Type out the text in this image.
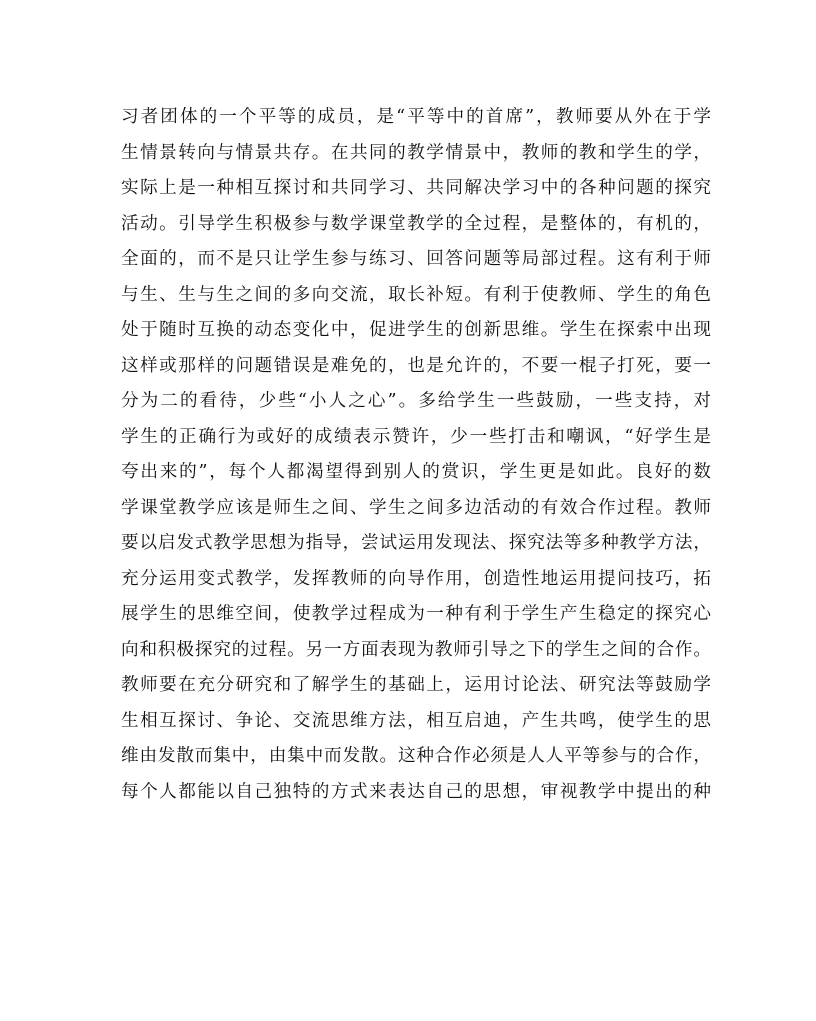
习者团体的一个平等的成员，是“平等中的首席”，教师要从外在于学
生情景转向与情景共存。在共同的教学情景中，教师的教和学生的学，
实际上是一种相互探讨和共同学习、共同解决学习中的各种问题的探究
活动。引导学生积极参与数学课堂教学的全过程，是整体的，有机的，
全面的，而不是只让学生参与练习、回答问题等局部过程。这有利于师
与生、生与生之间的多向交流，取长补短。有利于使教师、学生的角色
处于随时互换的动态变化中，促进学生的创新思维。学生在探索中出现
这样或那样的问题错误是难免的，也是允许的，不要一棍子打死，要一
分为二的看待，少些“小人之心”。多给学生一些鼓励，一些支持，对
学生的正确行为或好的成绩表示赞许，少一些打击和嘲讽，“好学生是
夸出来的”，每个人都渴望得到别人的赏识，学生更是如此。良好的数
学课堂教学应该是师生之间、学生之间多边活动的有效合作过程。教师
要以启发式教学思想为指导，尝试运用发现法、探究法等多种教学方法，
充分运用变式教学，发挥教师的向导作用，创造性地运用提问技巧，拓
展学生的思维空间，使教学过程成为一种有利于学生产生稳定的探究心
向和积极探究的过程。另一方面表现为教师引导之下的学生之间的合作。
教师要在充分研究和了解学生的基础上，运用讨论法、研究法等鼓励学
生相互探讨、争论、交流思维方法，相互启迪，产生共鸣，使学生的思
维由发散而集中，由集中而发散。这种合作必须是人人平等参与的合作，
每个人都能以自己独特的方式来表达自己的思想，审视教学中提出的种
